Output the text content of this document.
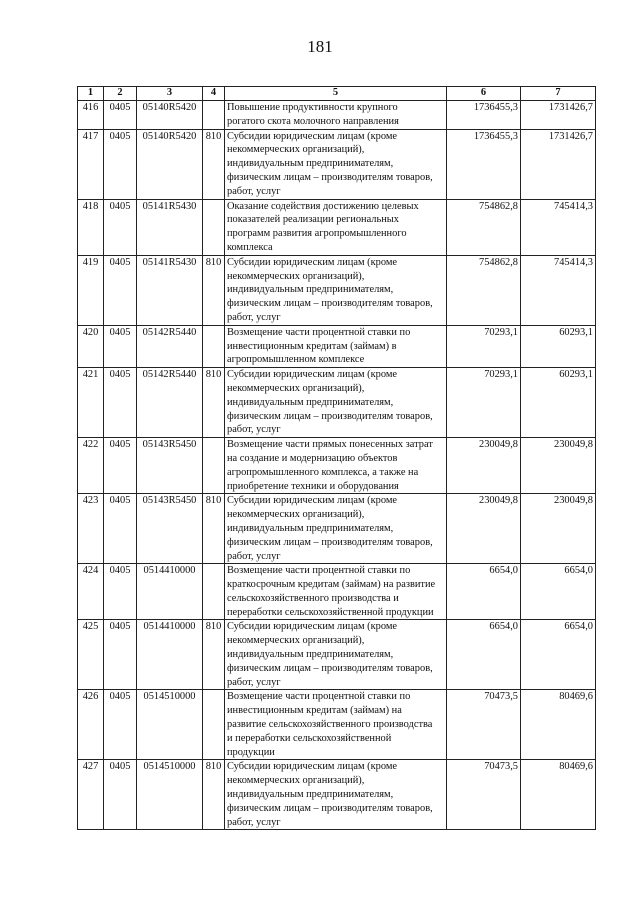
181
1	2	3	4	5	6	7
416	0405	05140R5420		Повышение продуктивности крупного
рогатого скота молочного направления	1736455,3	1731426,7
417	0405	05140R5420	810	Субсидии юридическим лицам (кроме
некоммерческих организаций),
индивидуальным предпринимателям,
физическим лицам – производителям товаров,
работ, услуг	1736455,3	1731426,7
418	0405	05141R5430		Оказание содействия достижению целевых
показателей реализации региональных
программ развития агропромышленного
комплекса	754862,8	745414,3
419	0405	05141R5430	810	Субсидии юридическим лицам (кроме
некоммерческих организаций),
индивидуальным предпринимателям,
физическим лицам – производителям товаров,
работ, услуг	754862,8	745414,3
420	0405	05142R5440		Возмещение части процентной ставки по
инвестиционным кредитам (займам) в
агропромышленном комплексе	70293,1	60293,1
421	0405	05142R5440	810	Субсидии юридическим лицам (кроме
некоммерческих организаций),
индивидуальным предпринимателям,
физическим лицам – производителям товаров,
работ, услуг	70293,1	60293,1
422	0405	05143R5450		Возмещение части прямых понесенных затрат
на создание и модернизацию объектов
агропромышленного комплекса, а также на
приобретение техники и оборудования	230049,8	230049,8
423	0405	05143R5450	810	Субсидии юридическим лицам (кроме
некоммерческих организаций),
индивидуальным предпринимателям,
физическим лицам – производителям товаров,
работ, услуг	230049,8	230049,8
424	0405	0514410000		Возмещение части процентной ставки по
краткосрочным кредитам (займам) на развитие
сельскохозяйственного производства и
переработки сельскохозяйственной продукции	6654,0	6654,0
425	0405	0514410000	810	Субсидии юридическим лицам (кроме
некоммерческих организаций),
индивидуальным предпринимателям,
физическим лицам – производителям товаров,
работ, услуг	6654,0	6654,0
426	0405	0514510000		Возмещение части процентной ставки по
инвестиционным кредитам (займам) на
развитие сельскохозяйственного производства
и переработки сельскохозяйственной
продукции	70473,5	80469,6
427	0405	0514510000	810	Субсидии юридическим лицам (кроме
некоммерческих организаций),
индивидуальным предпринимателям,
физическим лицам – производителям товаров,
работ, услуг	70473,5	80469,6
